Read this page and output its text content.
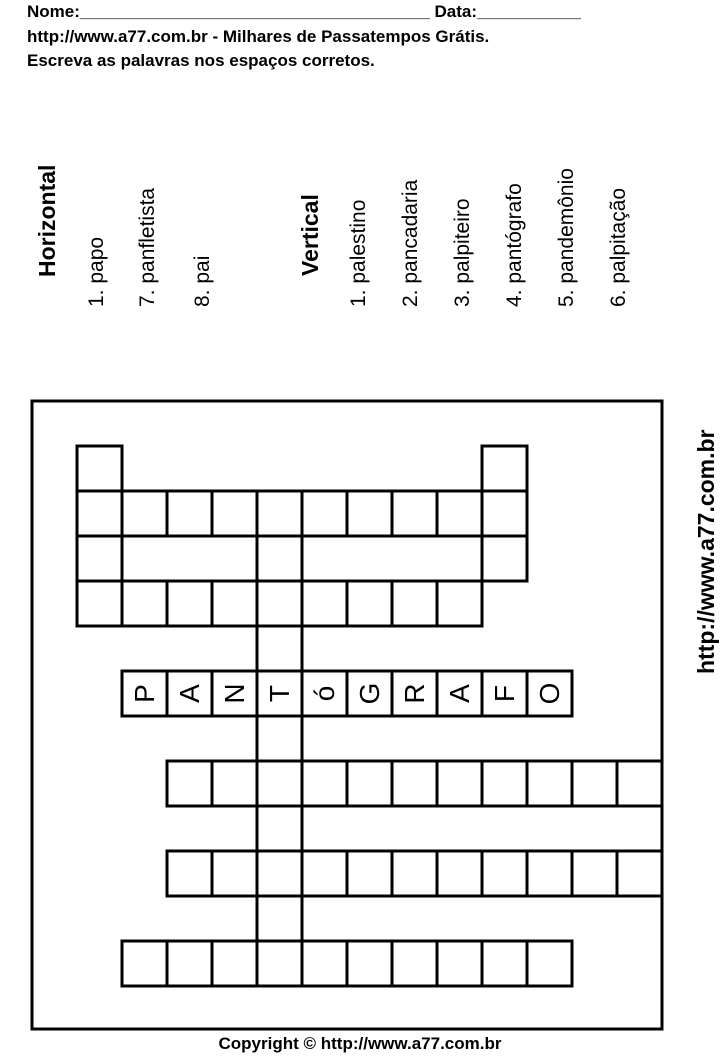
Nome:_____________________________________ Data:___________
http://www.a77.com.br - Milhares de Passatempos Grátis.
Escreva as palavras nos espaços corretos.
Horizontal 1. papo 7. panfletista 8. pai
Vertical 1. palestino 2. pancadaria 3. palpiteiro 4. pantógrafo 5. pandemônio 6. palpitação
P A N T ó G R A F O
http://www.a77.com.br
Copyright © http://www.a77.com.br
